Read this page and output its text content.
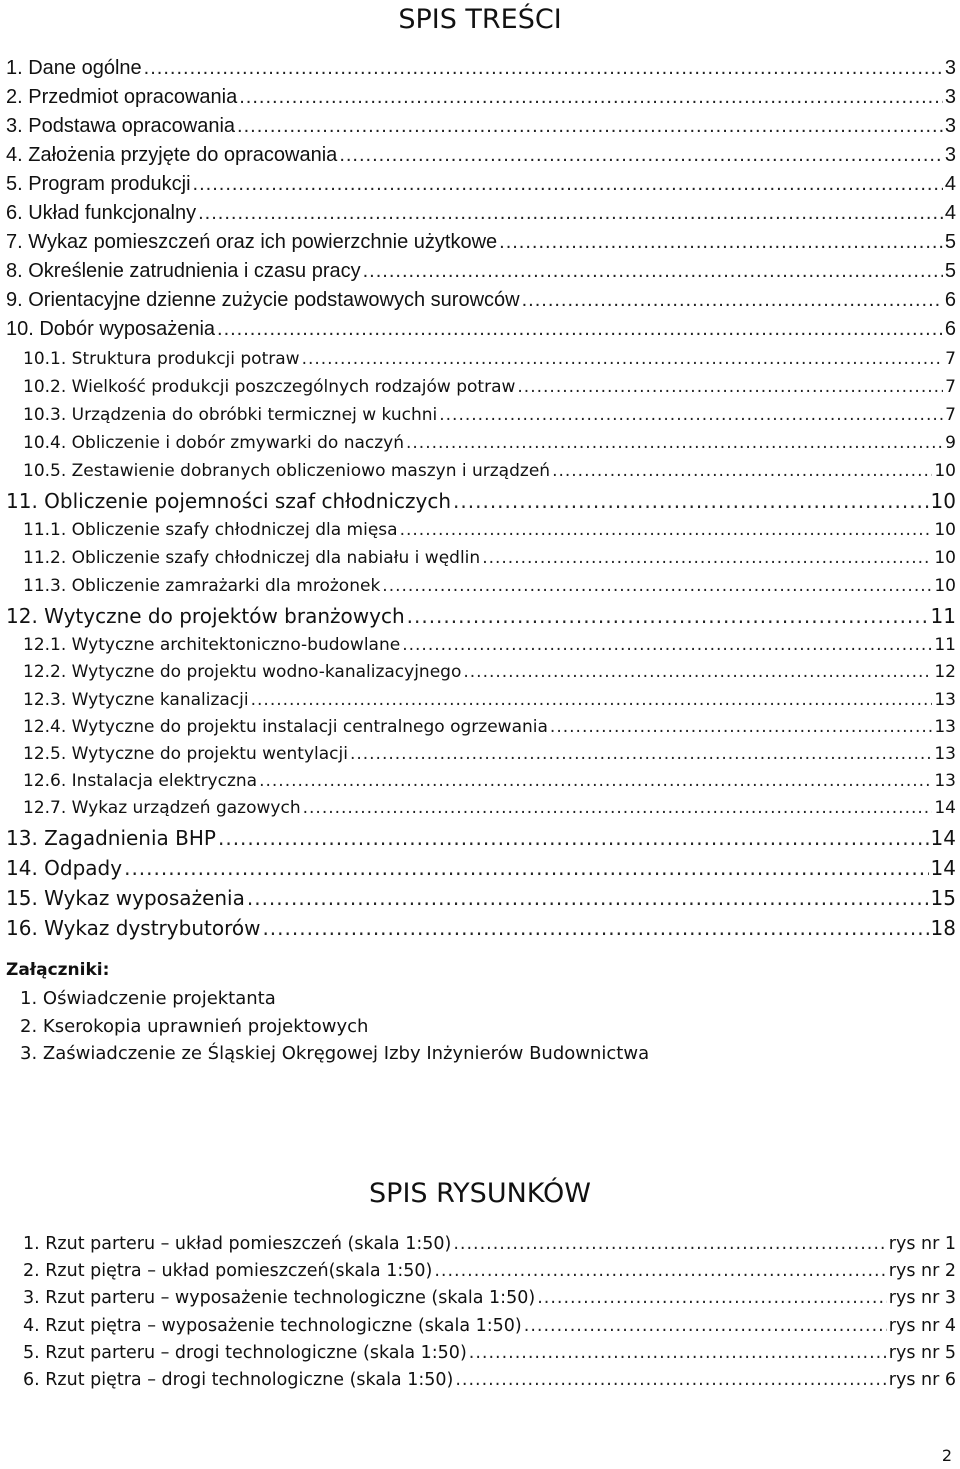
SPIS TREŚCI
1. Dane ogólne .....	3
2. Przedmiot opracowania .....	3
3. Podstawa opracowania .....	3
4. Założenia przyjęte do opracowania .....	3
5. Program produkcji .....	4
6. Układ funkcjonalny .....	4
7. Wykaz pomieszczeń oraz ich powierzchnie użytkowe .....	5
8. Określenie zatrudnienia i czasu pracy .....	5
9. Orientacyjne dzienne zużycie podstawowych surowców .....	6
10. Dobór wyposażenia .....	6
10.1. Struktura produkcji potraw .....	7
10.2. Wielkość produkcji poszczególnych rodzajów potraw .....	7
10.3. Urządzenia do obróbki termicznej w kuchni .....	7
10.4. Obliczenie i dobór zmywarki do naczyń .....	9
10.5. Zestawienie dobranych obliczeniowo maszyn i urządzeń .....	10
11. Obliczenie pojemności szaf chłodniczych .....	10
11.1. Obliczenie szafy chłodniczej dla mięsa .....	10
11.2. Obliczenie szafy chłodniczej dla nabiału i wędlin .....	10
11.3. Obliczenie zamrażarki dla mrożonek .....	10
12. Wytyczne do projektów branżowych .....	11
12.1. Wytyczne architektoniczno-budowlane .....	11
12.2. Wytyczne do projektu wodno-kanalizacyjnego .....	12
12.3. Wytyczne kanalizacji .....	13
12.4. Wytyczne do projektu instalacji centralnego ogrzewania .....	13
12.5. Wytyczne do projektu wentylacji .....	13
12.6. Instalacja elektryczna .....	13
12.7. Wykaz urządzeń gazowych .....	14
13. Zagadnienia BHP .....	14
14. Odpady .....	14
15. Wykaz wyposażenia .....	15
16. Wykaz dystrybutorów .....	18
Załączniki:
1. Oświadczenie projektanta
2. Kserokopia uprawnień projektowych
3. Zaświadczenie ze Śląskiej Okręgowej Izby Inżynierów Budownictwa
SPIS RYSUNKÓW
1. Rzut parteru – układ pomieszczeń (skala 1:50) .....	rys nr 1
2. Rzut piętra – układ pomieszczeń(skala 1:50) .....	rys nr 2
3. Rzut parteru – wyposażenie technologiczne (skala 1:50) .....	rys nr 3
4. Rzut piętra – wyposażenie technologiczne (skala 1:50) .....	rys nr 4
5. Rzut parteru – drogi technologiczne (skala 1:50) .....	rys nr 5
6. Rzut piętra – drogi technologiczne (skala 1:50) .....	rys nr 6
2
